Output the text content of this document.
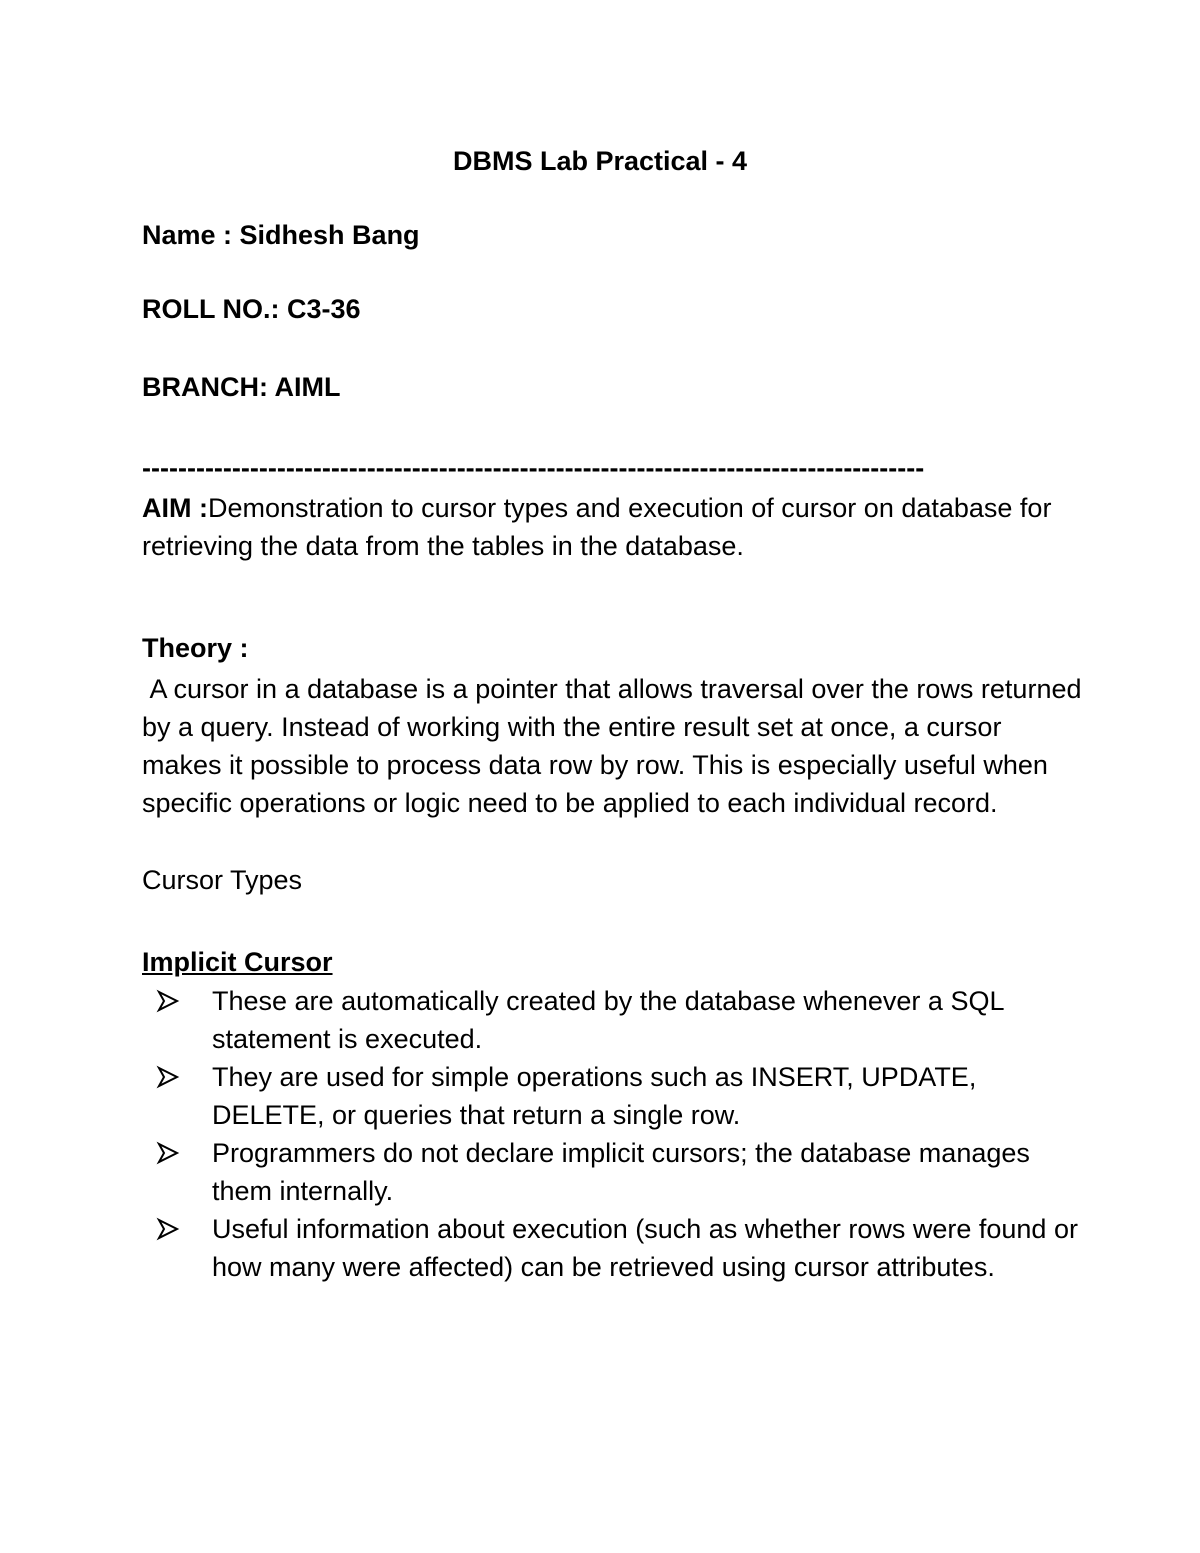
DBMS Lab Practical - 4

Name : Sidhesh Bang

ROLL NO.: C3-36

BRANCH: AIML

---------------------------------------------------------------------------------------

AIM :Demonstration to cursor types and execution of cursor on database for retrieving the data from the tables in the database.

Theory :

A cursor in a database is a pointer that allows traversal over the rows returned by a query. Instead of working with the entire result set at once, a cursor makes it possible to process data row by row. This is especially useful when specific operations or logic need to be applied to each individual record.

Cursor Types

Implicit Cursor

These are automatically created by the database whenever a SQL statement is executed.
They are used for simple operations such as INSERT, UPDATE, DELETE, or queries that return a single row.
Programmers do not declare implicit cursors; the database manages them internally.
Useful information about execution (such as whether rows were found or how many were affected) can be retrieved using cursor attributes.
